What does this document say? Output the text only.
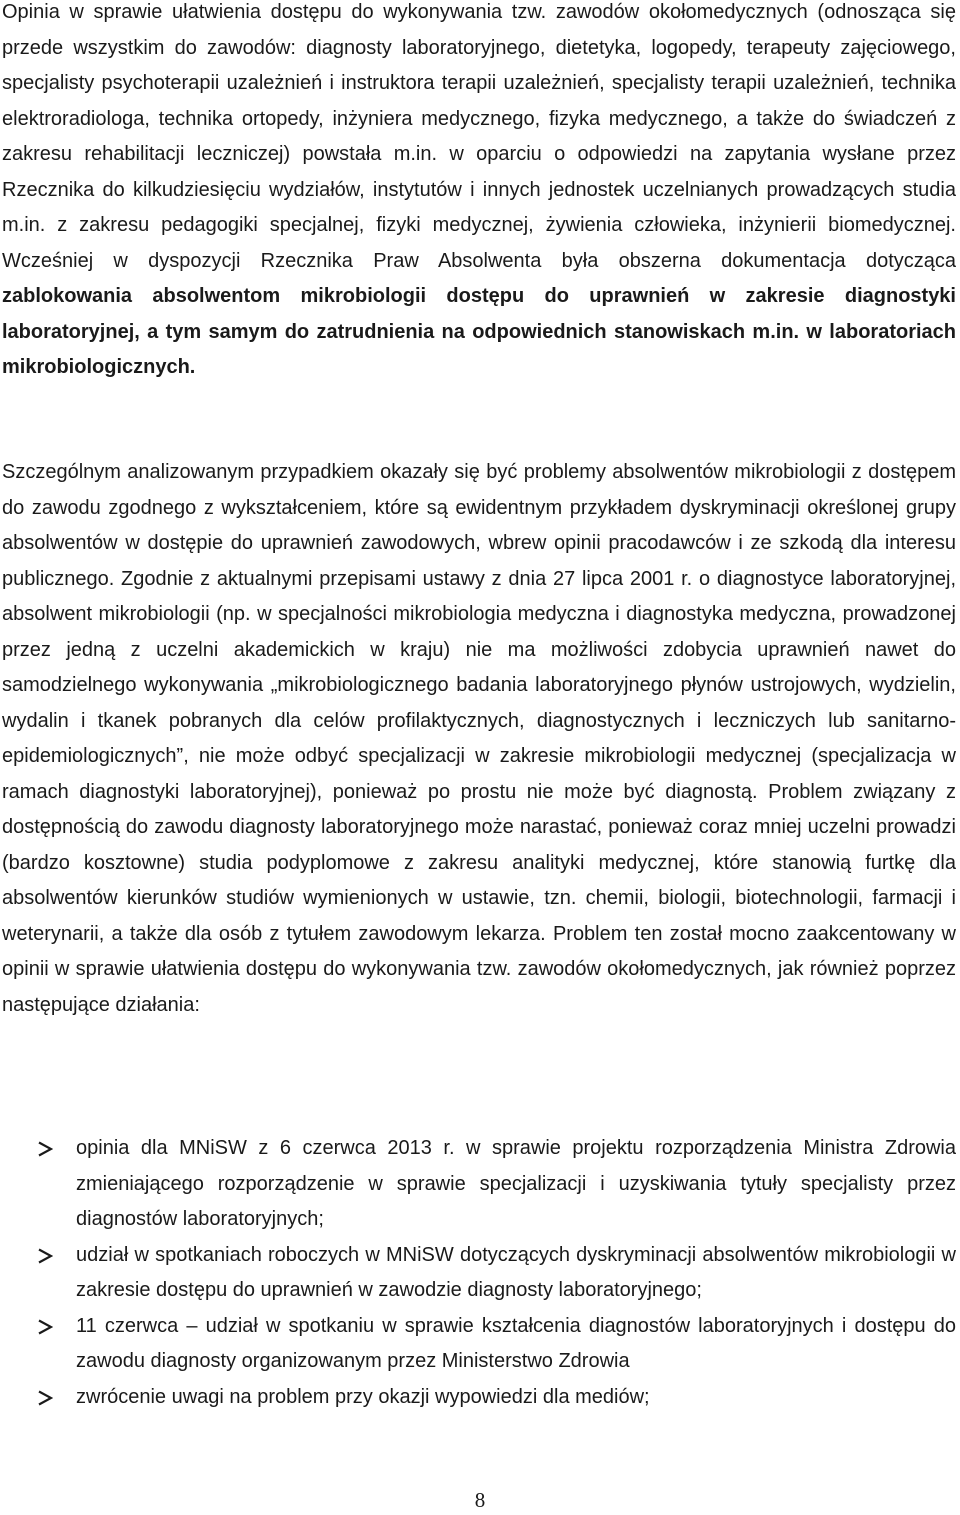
Opinia w sprawie ułatwienia dostępu do wykonywania tzw. zawodów okołomedycznych (odnosząca się przede wszystkim do zawodów: diagnosty laboratoryjnego, dietetyka, logopedy, terapeuty zajęciowego, specjalisty psychoterapii uzależnień i instruktora terapii uzależnień, specjalisty terapii uzależnień, technika elektroradiologa, technika ortopedy, inżyniera medycznego, fizyka medycznego, a także do świadczeń z zakresu rehabilitacji leczniczej) powstała m.in. w oparciu o odpowiedzi na zapytania wysłane przez Rzecznika do kilkudziesięciu wydziałów, instytutów i innych jednostek uczelnianych prowadzących studia m.in. z zakresu pedagogiki specjalnej, fizyki medycznej, żywienia człowieka, inżynierii biomedycznej. Wcześniej w dyspozycji Rzecznika Praw Absolwenta była obszerna dokumentacja dotycząca zablokowania absolwentom mikrobiologii dostępu do uprawnień w zakresie diagnostyki laboratoryjnej, a tym samym do zatrudnienia na odpowiednich stanowiskach m.in. w laboratoriach mikrobiologicznych.

Szczególnym analizowanym przypadkiem okazały się być problemy absolwentów mikrobiologii z dostępem do zawodu zgodnego z wykształceniem, które są ewidentnym przykładem dyskryminacji określonej grupy absolwentów w dostępie do uprawnień zawodowych, wbrew opinii pracodawców i ze szkodą dla interesu publicznego. Zgodnie z aktualnymi przepisami ustawy z dnia 27 lipca 2001 r. o diagnostyce laboratoryjnej, absolwent mikrobiologii (np. w specjalności mikrobiologia medyczna i diagnostyka medyczna, prowadzonej przez jedną z uczelni akademickich w kraju) nie ma możliwości zdobycia uprawnień nawet do samodzielnego wykonywania „mikrobiologicznego badania laboratoryjnego płynów ustrojowych, wydzielin, wydalin i tkanek pobranych dla celów profilaktycznych, diagnostycznych i leczniczych lub sanitarno-epidemiologicznych”, nie może odbyć specjalizacji w zakresie mikrobiologii medycznej (specjalizacja w ramach diagnostyki laboratoryjnej), ponieważ po prostu nie może być diagnostą. Problem związany z dostępnością do zawodu diagnosty laboratoryjnego może narastać, ponieważ coraz mniej uczelni prowadzi (bardzo kosztowne) studia podyplomowe z zakresu analityki medycznej, które stanowią furtkę dla absolwentów kierunków studiów wymienionych w ustawie, tzn. chemii, biologii, biotechnologii, farmacji i weterynarii, a także dla osób z tytułem zawodowym lekarza. Problem ten został mocno zaakcentowany w opinii w sprawie ułatwienia dostępu do wykonywania tzw. zawodów okołomedycznych, jak również poprzez następujące działania:

opinia dla MNiSW z 6 czerwca 2013 r. w sprawie projektu rozporządzenia Ministra Zdrowia zmieniającego rozporządzenie w sprawie specjalizacji i uzyskiwania tytuły specjalisty przez diagnostów laboratoryjnych;
udział w spotkaniach roboczych w MNiSW dotyczących dyskryminacji absolwentów mikrobiologii w zakresie dostępu do uprawnień w zawodzie diagnosty laboratoryjnego;
11 czerwca – udział w spotkaniu w sprawie kształcenia diagnostów laboratoryjnych i dostępu do zawodu diagnosty organizowanym przez Ministerstwo Zdrowia
zwrócenie uwagi na problem przy okazji wypowiedzi dla mediów;
8
